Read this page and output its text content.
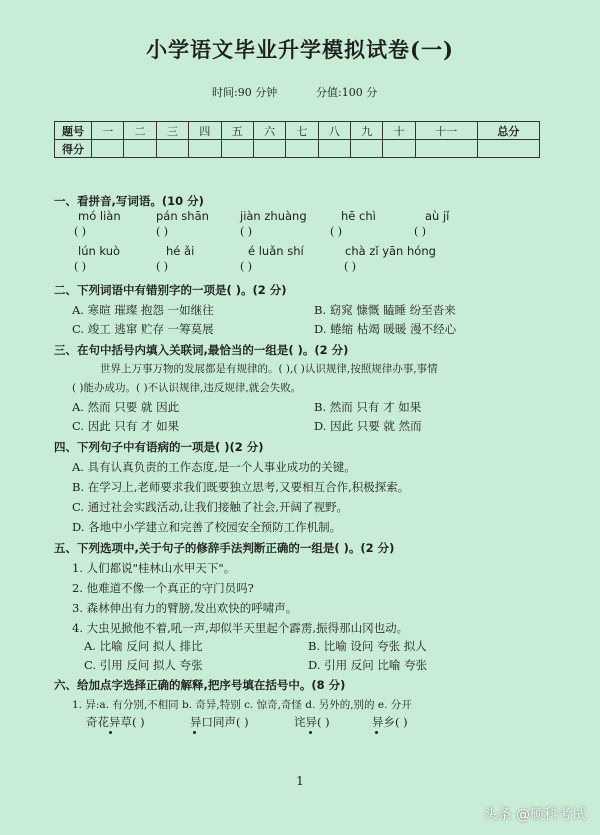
小学语文毕业升学模拟试卷(一)
时间:90 分钟	分值:100 分
题号	一	二	三	四	五	六	七	八	九	十	十一	总分
得分												
一、看拼音,写词语。(10 分)
mó liàn	pán shān	jiàn zhuàng	hē chì	aù jǐ
( )	( )	( )	( )	( )
lún kuò	hé ǎi	é luǎn shí	chà zǐ yān hóng
( )	( )	( )	( )
二、下列词语中有错别字的一项是( )。(2 分)
A. 寒暄 璀璨 抱怨 一如继往	B. 窈窕 慷慨 瞌睡 纷至沓来
C. 竣工 逃窜 贮存 一筹莫展	D. 蜷缩 枯竭 暖暖 漫不经心
三、在句中括号内填入关联词,最恰当的一组是( )。(2 分)
世界上万事万物的发展都是有规律的。( ),( )认识规律,按照规律办事,事情
( )能办成功。( )不认识规律,违反规律,就会失败。
A. 然而 只要 就 因此	B. 然而 只有 才 如果
C. 因此 只有 才 如果	D. 因此 只要 就 然而
四、下列句子中有语病的一项是( )(2 分)
A. 具有认真负责的工作态度,是一个人事业成功的关键。
B. 在学习上,老师要求我们既要独立思考,又要相互合作,积极探索。
C. 通过社会实践活动,让我们接触了社会,开阔了视野。
D. 各地中小学建立和完善了校园安全预防工作机制。
五、下列选项中,关于句子的修辞手法判断正确的一组是( )。(2 分)
1. 人们都说"桂林山水甲天下"。
2. 他难道不像一个真正的守门员吗?
3. 森林伸出有力的臂膀,发出欢快的呼啸声。
4. 大虫见掀他不着,吼一声,却似半天里起个霹雳,振得那山冈也动。
A. 比喻 反问 拟人 排比	B. 比喻 设问 夸张 拟人
C. 引用 反问 拟人 夸张	D. 引用 反问 比喻 夸张
六、给加点字选择正确的解释,把序号填在括号中。(8 分)
1. 异:a. 有分别,不相同 b. 奇异,特别 c. 惊奇,奇怪 d. 另外的,别的 e. 分开
奇花异草( )	异口同声( )	诧异( )	异乡( )
1
头条 @硕科考试
